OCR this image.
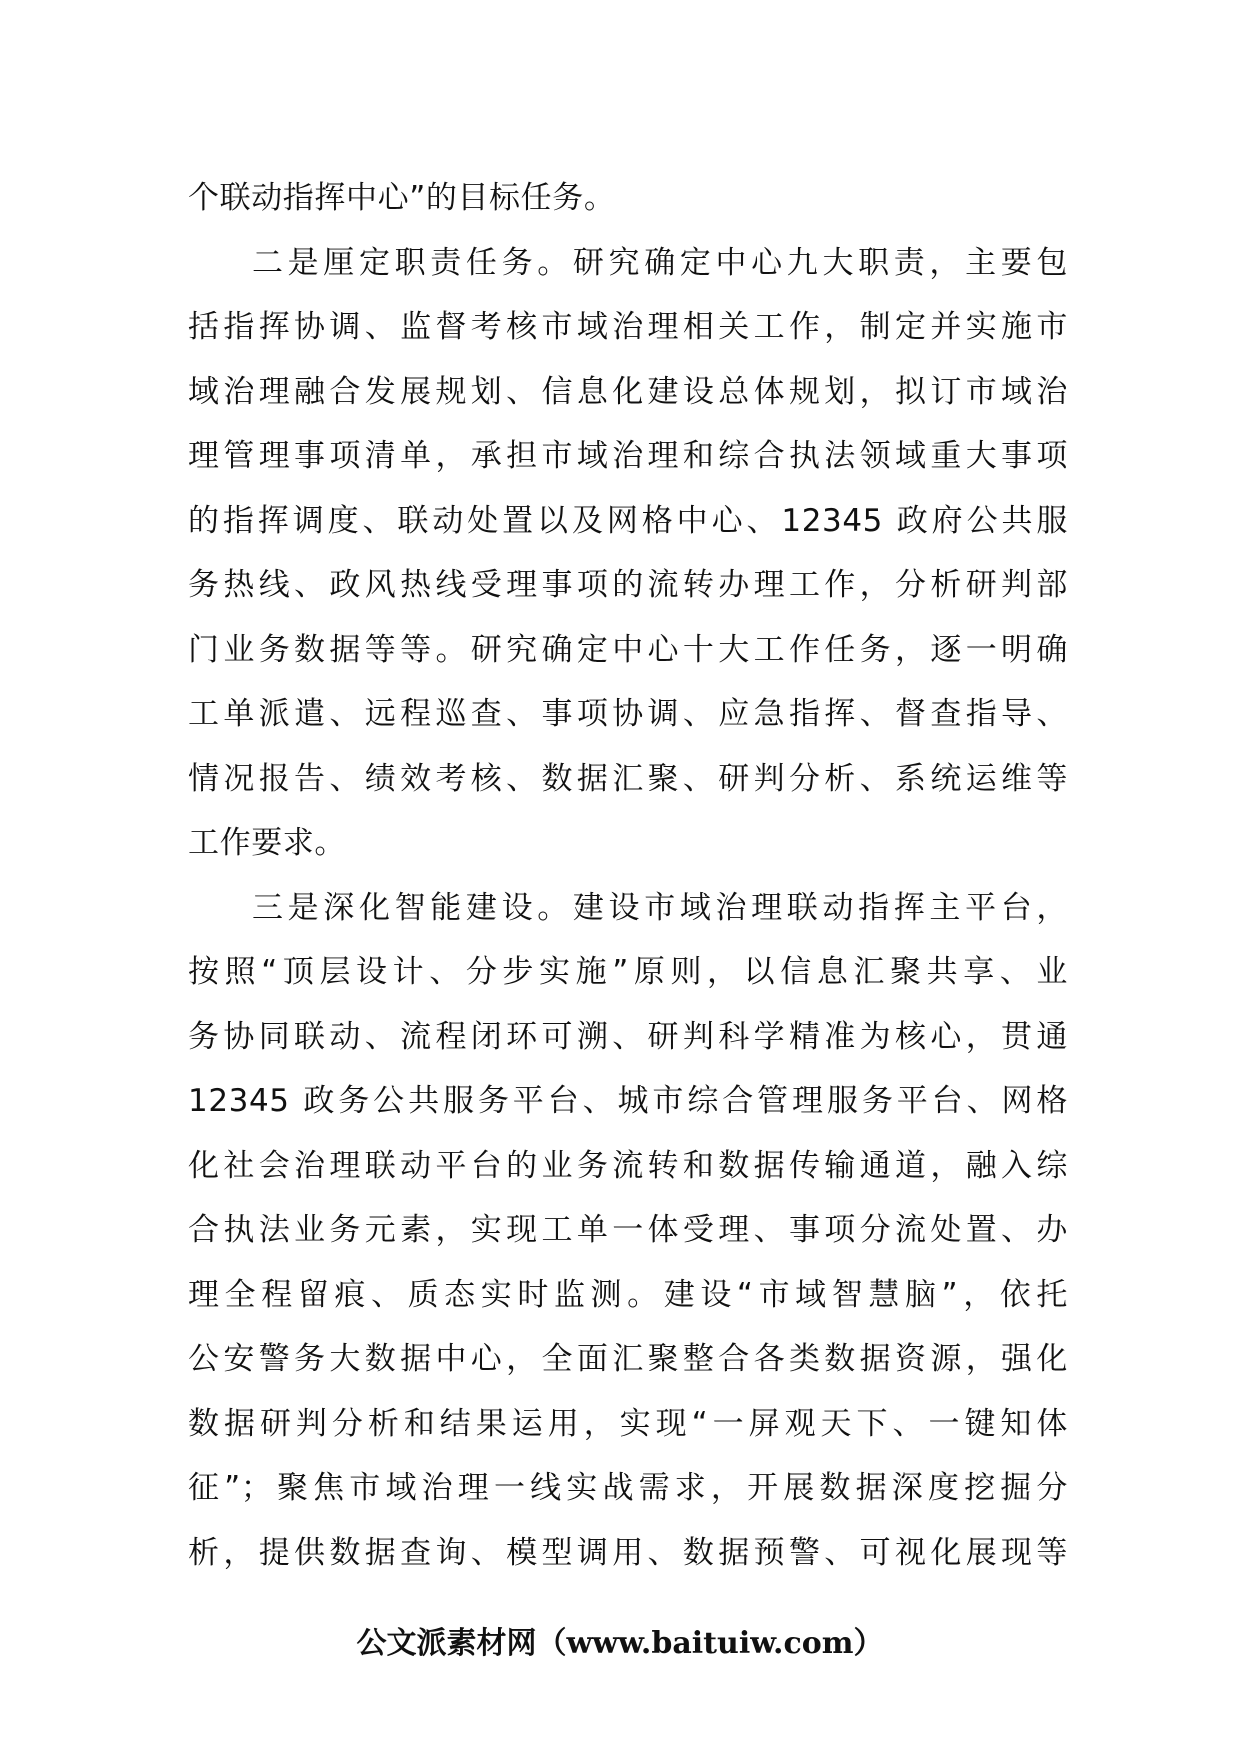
个联动指挥中心”的目标任务。
二是厘定职责任务。研究确定中心九大职责，主要包
括指挥协调、监督考核市域治理相关工作，制定并实施市
域治理融合发展规划、信息化建设总体规划，拟订市域治
理管理事项清单，承担市域治理和综合执法领域重大事项
的指挥调度、联动处置以及网格中心、12345 政府公共服
务热线、政风热线受理事项的流转办理工作，分析研判部
门业务数据等等。研究确定中心十大工作任务，逐一明确
工单派遣、远程巡查、事项协调、应急指挥、督查指导、
情况报告、绩效考核、数据汇聚、研判分析、系统运维等
工作要求。
三是深化智能建设。建设市域治理联动指挥主平台，
按照“顶层设计、分步实施”原则，以信息汇聚共享、业
务协同联动、流程闭环可溯、研判科学精准为核心，贯通
12345 政务公共服务平台、城市综合管理服务平台、网格
化社会治理联动平台的业务流转和数据传输通道，融入综
合执法业务元素，实现工单一体受理、事项分流处置、办
理全程留痕、质态实时监测。建设“市域智慧脑”，依托
公安警务大数据中心，全面汇聚整合各类数据资源，强化
数据研判分析和结果运用，实现“一屏观天下、一键知体
征”；聚焦市域治理一线实战需求，开展数据深度挖掘分
析，提供数据查询、模型调用、数据预警、可视化展现等
公文派素材网（www.baituiw.com）
